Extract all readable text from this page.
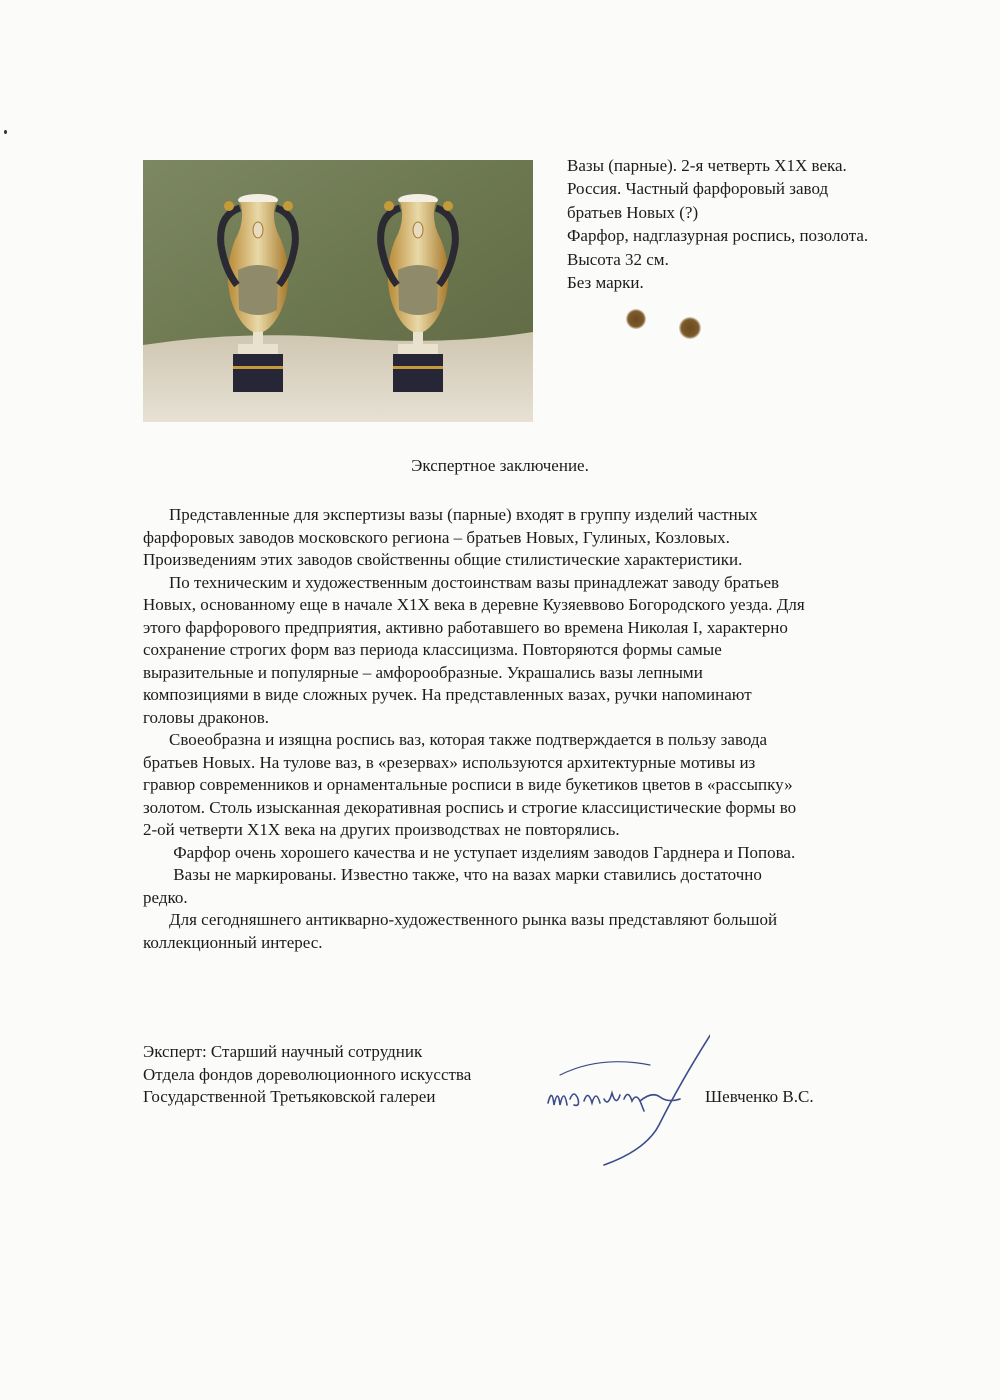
Вазы (парные). 2-я четверть Х1Х века.
Россия. Частный фарфоровый завод
братьев Новых (?)
Фарфор, надглазурная роспись, позолота.
Высота 32 см.
Без марки.
Экспертное заключение.
Представленные для экспертизы вазы (парные) входят в группу изделий частных
фарфоровых заводов московского региона – братьев Новых, Гулиных, Козловых.
Произведениям этих заводов свойственны общие стилистические характеристики.
По техническим и художественным достоинствам вазы принадлежат заводу братьев
Новых, основанному еще в начале Х1Х века в деревне Кузяеввово Богородского уезда. Для
этого фарфорового предприятия, активно работавшего во времена Николая I, характерно
сохранение строгих форм ваз периода классицизма. Повторяются формы самые
выразительные и популярные – амфорообразные. Украшались вазы лепными
композициями в виде сложных ручек. На представленных вазах, ручки напоминают
головы драконов.
Своеобразна и изящна роспись ваз, которая также подтверждается в пользу завода
братьев Новых. На тулове ваз, в «резервах» используются архитектурные мотивы из
гравюр современников и орнаментальные росписи в виде букетиков цветов в «рассыпку»
золотом. Столь изысканная декоративная роспись и строгие классицистические формы во
2-ой четверти Х1Х века на других производствах не повторялись.
Фарфор очень хорошего качества и не уступает изделиям заводов Гарднера и Попова.
Вазы не маркированы. Известно также, что на вазах марки ставились достаточно
редко.
Для сегодняшнего антикварно-художественного рынка вазы представляют большой
коллекционный интерес.
Эксперт: Старший научный сотрудник
Отдела фондов дореволюционного искусства
Государственной Третьяковской галереи	Шевченко В.С.
